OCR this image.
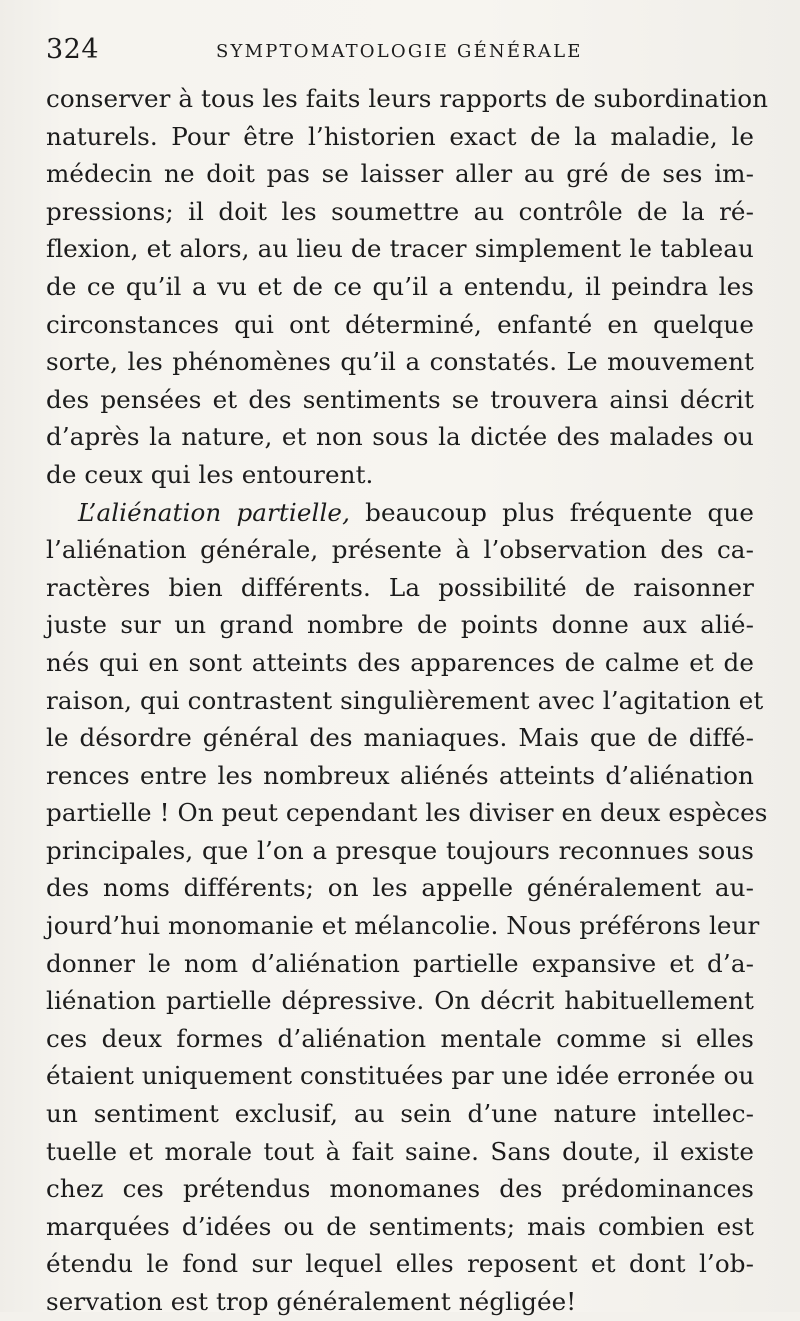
324	SYMPTOMATOLOGIE GÉNÉRALE
conserver à tous les faits leurs rapports de subordination
naturels. Pour être l’historien exact de la maladie, le
médecin ne doit pas se laisser aller au gré de ses im-
pressions; il doit les soumettre au contrôle de la ré-
flexion, et alors, au lieu de tracer simplement le tableau
de ce qu’il a vu et de ce qu’il a entendu, il peindra les
circonstances qui ont déterminé, enfanté en quelque
sorte, les phénomènes qu’il a constatés. Le mouvement
des pensées et des sentiments se trouvera ainsi décrit
d’après la nature, et non sous la dictée des malades ou
de ceux qui les entourent.
L’aliénation partielle, beaucoup plus fréquente que
l’aliénation générale, présente à l’observation des ca-
ractères bien différents. La possibilité de raisonner
juste sur un grand nombre de points donne aux alié-
nés qui en sont atteints des apparences de calme et de
raison, qui contrastent singulièrement avec l’agitation et
le désordre général des maniaques. Mais que de diffé-
rences entre les nombreux aliénés atteints d’aliénation
partielle ! On peut cependant les diviser en deux espèces
principales, que l’on a presque toujours reconnues sous
des noms différents; on les appelle généralement au-
jourd’hui monomanie et mélancolie. Nous préférons leur
donner le nom d’aliénation partielle expansive et d’a-
liénation partielle dépressive. On décrit habituellement
ces deux formes d’aliénation mentale comme si elles
étaient uniquement constituées par une idée erronée ou
un sentiment exclusif, au sein d’une nature intellec-
tuelle et morale tout à fait saine. Sans doute, il existe
chez ces prétendus monomanes des prédominances
marquées d’idées ou de sentiments; mais combien est
étendu le fond sur lequel elles reposent et dont l’ob-
servation est trop généralement négligée!
